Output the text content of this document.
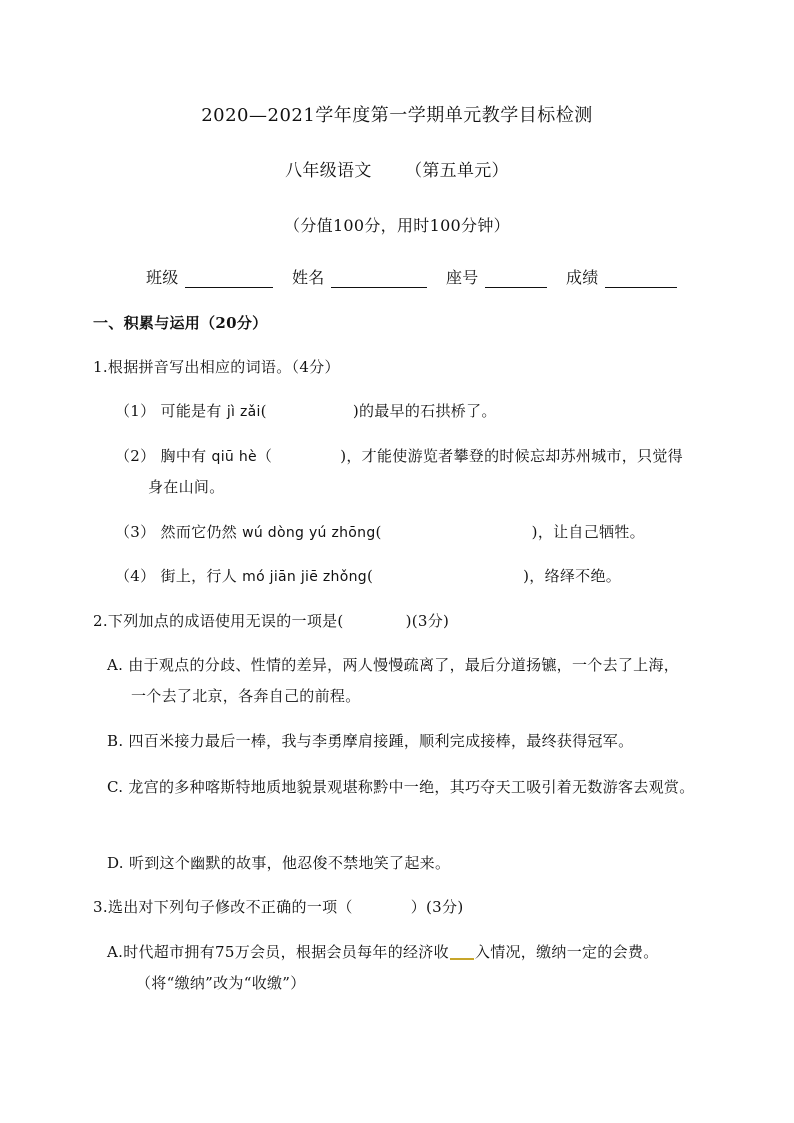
2020—2021学年度第一学期单元教学目标检测
八年级语文 （第五单元）
（分值100分，用时100分钟）
班级	姓名	座号	成绩
一、积累与运用（20分）
1.根据拼音写出相应的词语。（4分）
（1） 可能是有 jì zǎi(	)的最早的石拱桥了。
（2） 胸中有 qiū hè（	)，才能使游览者攀登的时候忘却苏州城市，只觉得
身在山间。
（3） 然而它仍然 wú dòng yú zhōng(	)，让自己牺牲。
（4） 街上，行人 mó jiān jiē zhǒng(	)，络绎不绝。
2.下列加点的成语使用无误的一项是(	)(3分)
A. 由于观点的分歧、性情的差异，两人慢慢疏离了，最后分道扬镳，一个去了上海，
一个去了北京，各奔自己的前程。
B. 四百米接力最后一棒，我与李勇摩肩接踵，顺利完成接棒，最终获得冠军。
C. 龙宫的多种喀斯特地质地貌景观堪称黔中一绝，其巧夺天工吸引着无数游客去观赏。
D. 听到这个幽默的故事，他忍俊不禁地笑了起来。
3.选出对下列句子修改不正确的一项（	）(3分)
A.时代超市拥有75万会员，根据会员每年的经济收 入情况，缴纳一定的会费。
（将“缴纳”改为“收缴”）
